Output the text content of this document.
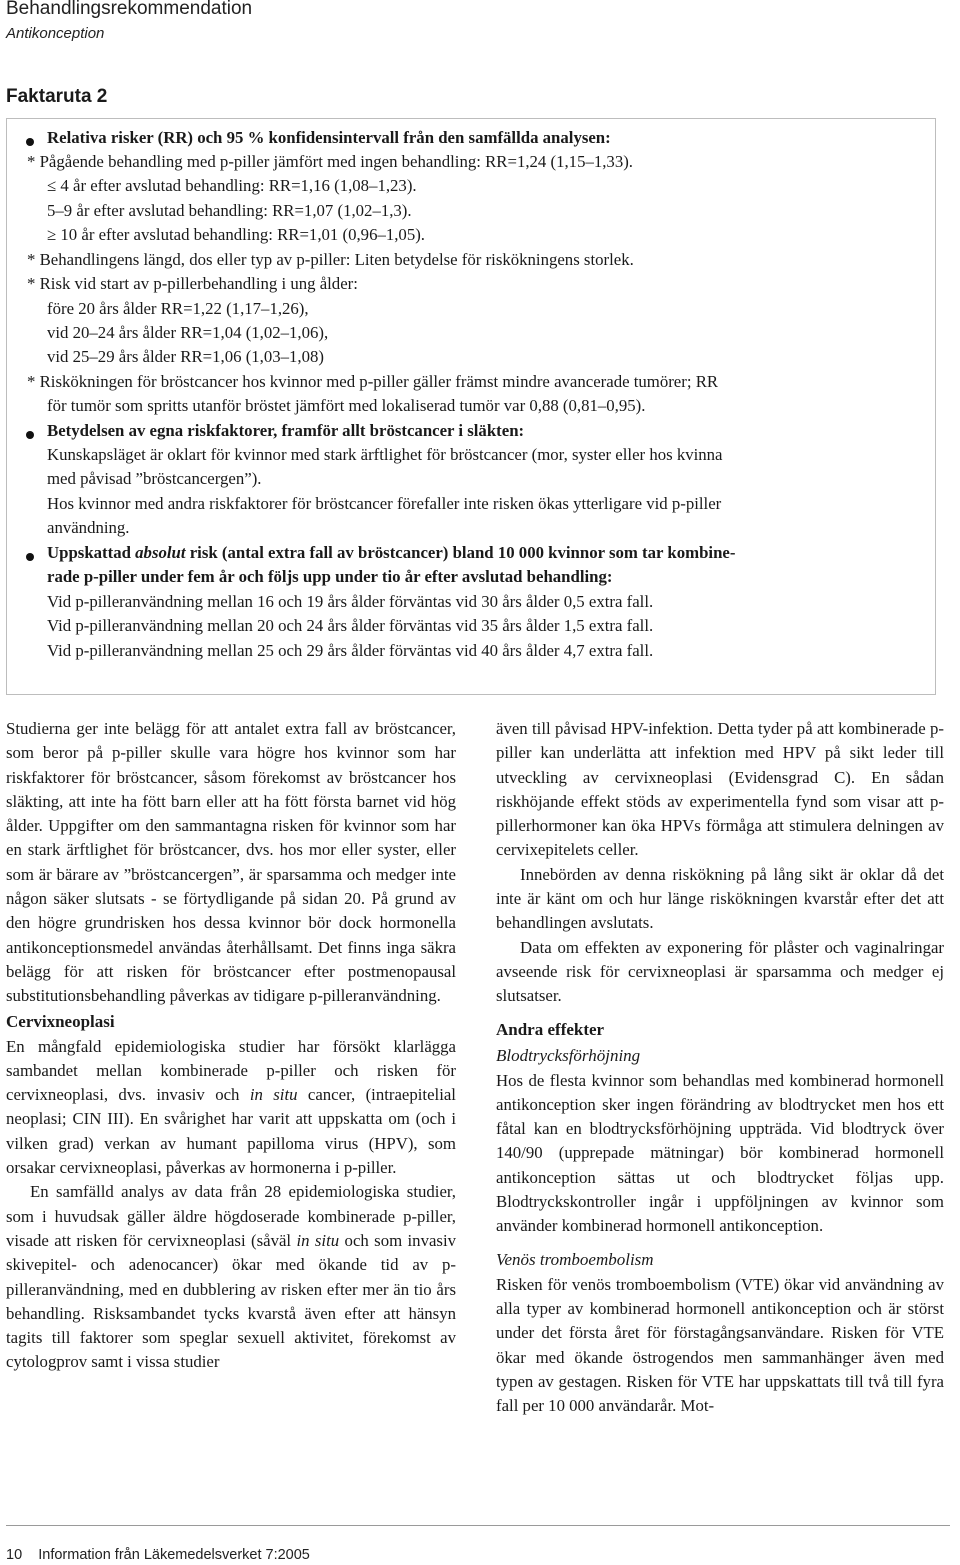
Behandlingsrekommendation
Antikonception
Faktaruta 2
Relativa risker (RR) och 95 % konfidensintervall från den samfällda analysen:
* Pågående behandling med p-piller jämfört med ingen behandling: RR=1,24 (1,15–1,33).
≤ 4 år efter avslutad behandling: RR=1,16 (1,08–1,23).
5–9 år efter avslutad behandling: RR=1,07 (1,02–1,3).
≥ 10 år efter avslutad behandling: RR=1,01 (0,96–1,05).
* Behandlingens längd, dos eller typ av p-piller: Liten betydelse för riskökningens storlek.
* Risk vid start av p-pillerbehandling i ung ålder:
före 20 års ålder RR=1,22 (1,17–1,26),
vid 20–24 års ålder RR=1,04 (1,02–1,06),
vid 25–29 års ålder RR=1,06 (1,03–1,08)
* Riskökningen för bröstcancer hos kvinnor med p-piller gäller främst mindre avancerade tumörer; RR
för tumör som spritts utanför bröstet jämfört med lokaliserad tumör var 0,88 (0,81–0,95).
Betydelsen av egna riskfaktorer, framför allt bröstcancer i släkten:
Kunskapsläget är oklart för kvinnor med stark ärftlighet för bröstcancer (mor, syster eller hos kvinna
med påvisad ”bröstcancergen”).
Hos kvinnor med andra riskfaktorer för bröstcancer förefaller inte risken ökas ytterligare vid p-piller
användning.
Uppskattad absolut risk (antal extra fall av bröstcancer) bland 10 000 kvinnor som tar kombine-
rade p-piller under fem år och följs upp under tio år efter avslutad behandling:
Vid p-pilleranvändning mellan 16 och 19 års ålder förväntas vid 30 års ålder 0,5 extra fall.
Vid p-pilleranvändning mellan 20 och 24 års ålder förväntas vid 35 års ålder 1,5 extra fall.
Vid p-pilleranvändning mellan 25 och 29 års ålder förväntas vid 40 års ålder 4,7 extra fall.

Studierna ger inte belägg för att antalet extra fall av bröstcancer, som beror på p-piller skulle vara högre hos kvinnor som har riskfaktorer för bröstcancer, såsom förekomst av bröstcancer hos släkting, att inte ha fött barn eller att ha fött första barnet vid hög ålder. Uppgifter om den sammantagna risken för kvinnor som har en stark ärftlighet för bröstcancer, dvs. hos mor eller syster, eller som är bärare av ”bröstcancergen”, är sparsamma och medger inte någon säker slutsats - se förtydligande på sidan 20. På grund av den högre grundrisken hos dessa kvinnor bör dock hormonella antikonceptionsmedel användas återhållsamt. Det finns inga säkra belägg för att risken för bröstcancer efter postmenopausal substitutionsbehandling påverkas av tidigare p-pilleranvändning.

Cervixneoplasi

En mångfald epidemiologiska studier har försökt klarlägga sambandet mellan kombinerade p-piller och risken för cervixneoplasi, dvs. invasiv och in situ cancer, (intraepitelial neoplasi; CIN III). En svårighet har varit att uppskatta om (och i vilken grad) verkan av humant papilloma virus (HPV), som orsakar cervixneoplasi, påverkas av hormonerna i p-piller.

En samfälld analys av data från 28 epidemiologiska studier, som i huvudsak gäller äldre högdoserade kombinerade p-piller, visade att risken för cervixneoplasi (såväl in situ och som invasiv skivepitel- och adenocancer) ökar med ökande tid av p-pilleranvändning, med en dubblering av risken efter mer än tio års behandling. Risksambandet tycks kvarstå även efter att hänsyn tagits till faktorer som speglar sexuell aktivitet, förekomst av cytologprov samt i vissa studier

även till påvisad HPV-infektion. Detta tyder på att kombinerade p-piller kan underlätta att infektion med HPV på sikt leder till utveckling av cervixneoplasi (Evidensgrad C). En sådan riskhöjande effekt stöds av experimentella fynd som visar att p-pillerhormoner kan öka HPVs förmåga att stimulera delningen av cervixepitelets celler.

Innebörden av denna riskökning på lång sikt är oklar då det inte är känt om och hur länge riskökningen kvarstår efter det att behandlingen avslutats.

Data om effekten av exponering för plåster och vaginalringar avseende risk för cervixneoplasi är sparsamma och medger ej slutsatser.

Andra effekter
Blodtrycksförhöjning

Hos de flesta kvinnor som behandlas med kombinerad hormonell antikonception sker ingen förändring av blodtrycket men hos ett fåtal kan en blodtrycksförhöjning uppträda. Vid blodtryck över 140/90 (upprepade mätningar) bör kombinerad hormonell antikonception sättas ut och blodtrycket följas upp. Blodtryckskontroller ingår i uppföljningen av kvinnor som använder kombinerad hormonell antikonception.

Venös tromboembolism

Risken för venös tromboembolism (VTE) ökar vid användning av alla typer av kombinerad hormonell antikonception och är störst under det första året för förstagångsanvändare. Risken för VTE ökar med ökande östrogendos men sammanhänger även med typen av gestagen. Risken för VTE har uppskattats till två till fyra fall per 10 000 användarår. Mot-

10    Information från Läkemedelsverket 7:2005
